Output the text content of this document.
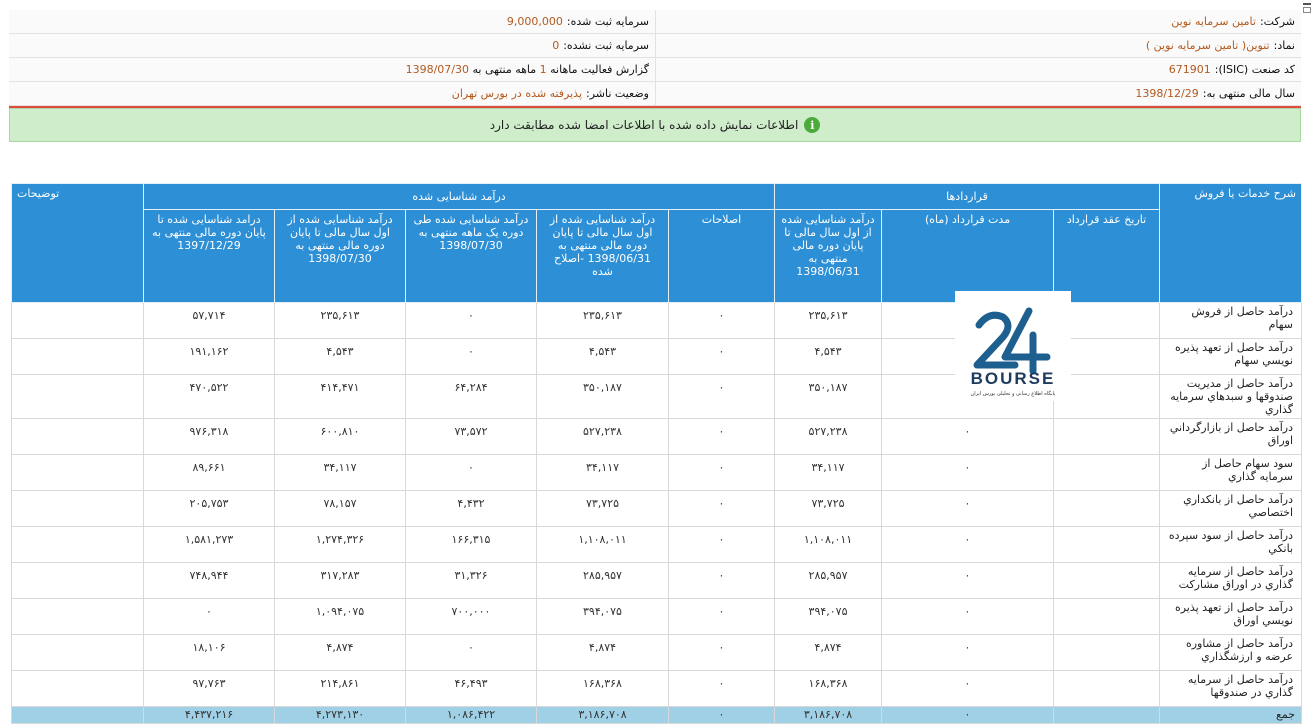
شرکت:
تامین سرمایه نوین
سرمایه ثبت شده:
9,000,000
نماد:
تنوین( تامین سرمایه نوین )
سرمایه ثبت نشده:
0
کد صنعت (ISIC):
671901
گزارش فعالیت ماهانه

1

ماهه منتهی به

1398/07/30
سال مالی منتهی به:
1398/12/29
وضعیت ناشر:
پذیرفته شده در بورس تهران
i
اطلاعات نمایش داده شده با اطلاعات امضا شده مطابقت دارد
شرح خدمات یا فروش	قراردادها			درآمد شناسایی شده					توضیحات
	تاریخ عقد قرارداد	مدت قرارداد (ماه)	درآمد شناسایی شده از اول سال مالی تا پایان دوره مالی منتهی به 1398/06/31	اصلاحات	درآمد شناسایی شده از اول سال مالی تا پایان دوره مالی منتهی به 1398/06/31 -اصلاح شده	درآمد شناسایی شده طی دوره یک ماهه منتهی به 1398/07/30	درآمد شناسایی شده از اول سال مالی تا پایان دوره مالی منتهی به 1398/07/30	درامد شناسایی شده تا پایان دوره مالی منتهی به 1397/12/29	
درآمد حاصل از فروش سهام			۲۳۵,۶۱۳	۰	۲۳۵,۶۱۳	۰	۲۳۵,۶۱۳	۵۷,۷۱۴	
درآمد حاصل از تعهد پذيره نويسي سهام			۴,۵۴۳	۰	۴,۵۴۳	۰	۴,۵۴۳	۱۹۱,۱۶۲	
درآمد حاصل از مديريت صندوقها و سبدهاي سرمايه گذاري			۳۵۰,۱۸۷	۰	۳۵۰,۱۸۷	۶۴,۲۸۴	۴۱۴,۴۷۱	۴۷۰,۵۲۲	
درآمد حاصل از بازارگرداني اوراق		۰	۵۲۷,۲۳۸	۰	۵۲۷,۲۳۸	۷۳,۵۷۲	۶۰۰,۸۱۰	۹۷۶,۳۱۸	
سود سهام حاصل از سرمايه گذاري		۰	۳۴,۱۱۷	۰	۳۴,۱۱۷	۰	۳۴,۱۱۷	۸۹,۶۶۱	
درآمد حاصل از بانكداري اختصاصي		۰	۷۳,۷۲۵	۰	۷۳,۷۲۵	۴,۴۳۲	۷۸,۱۵۷	۲۰۵,۷۵۳	
درآمد حاصل از سود سپرده بانكي		۰	۱,۱۰۸,۰۱۱	۰	۱,۱۰۸,۰۱۱	۱۶۶,۳۱۵	۱,۲۷۴,۳۲۶	۱,۵۸۱,۲۷۳	
درآمد حاصل از سرمايه گذاري در اوراق مشاركت		۰	۲۸۵,۹۵۷	۰	۲۸۵,۹۵۷	۳۱,۳۲۶	۳۱۷,۲۸۳	۷۴۸,۹۴۴	
درآمد حاصل از تعهد پذيره نويسي اوراق		۰	۳۹۴,۰۷۵	۰	۳۹۴,۰۷۵	۷۰۰,۰۰۰	۱,۰۹۴,۰۷۵	۰	
درآمد حاصل از مشاوره عرضه و ارزشگذاري		۰	۴,۸۷۴	۰	۴,۸۷۴	۰	۴,۸۷۴	۱۸,۱۰۶	
درآمد حاصل از سرمايه گذاري در صندوقها		۰	۱۶۸,۳۶۸	۰	۱۶۸,۳۶۸	۴۶,۴۹۳	۲۱۴,۸۶۱	۹۷,۷۶۳	
جمع		۰	۳,۱۸۶,۷۰۸	۰	۳,۱۸۶,۷۰۸	۱,۰۸۶,۴۲۲	۴,۲۷۳,۱۳۰	۴,۴۳۷,۲۱۶	
BOURSE
پایگاه اطلاع رسانی و تحلیلی بورس ایران
